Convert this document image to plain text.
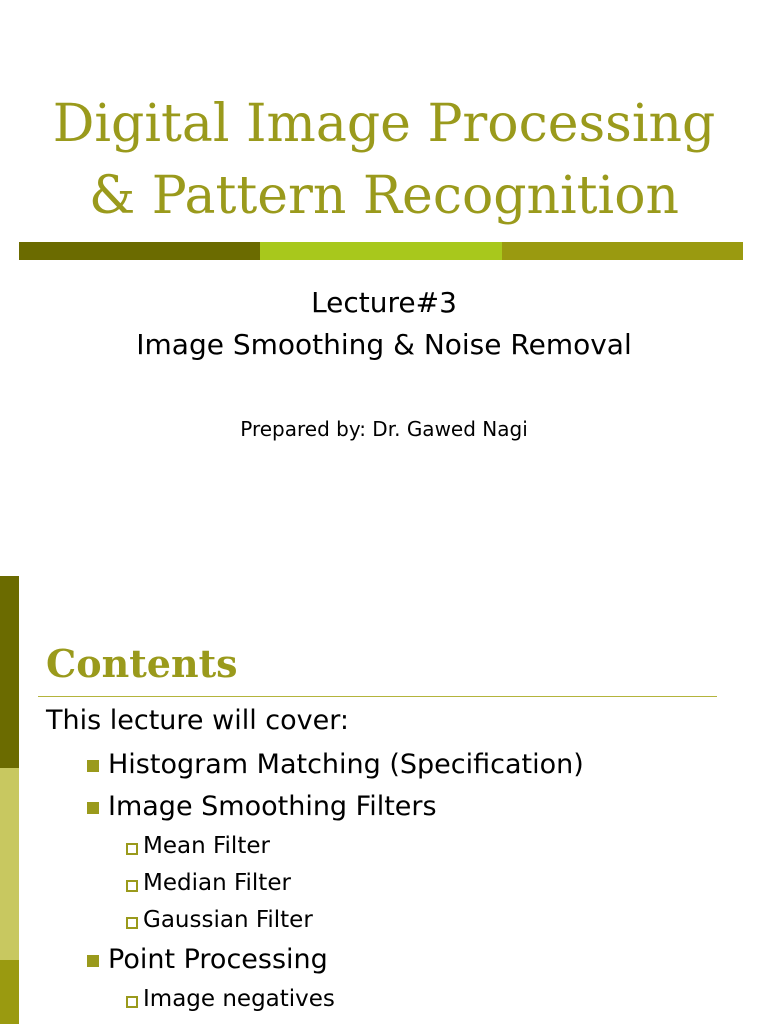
Digital Image Processing
& Pattern Recognition
Lecture#3
Image Smoothing & Noise Removal
Prepared by: Dr. Gawed Nagi
Contents
This lecture will cover:
Histogram Matching (Specification)
Image Smoothing Filters
Mean Filter
Median Filter
Gaussian Filter
Point Processing
Image negatives
